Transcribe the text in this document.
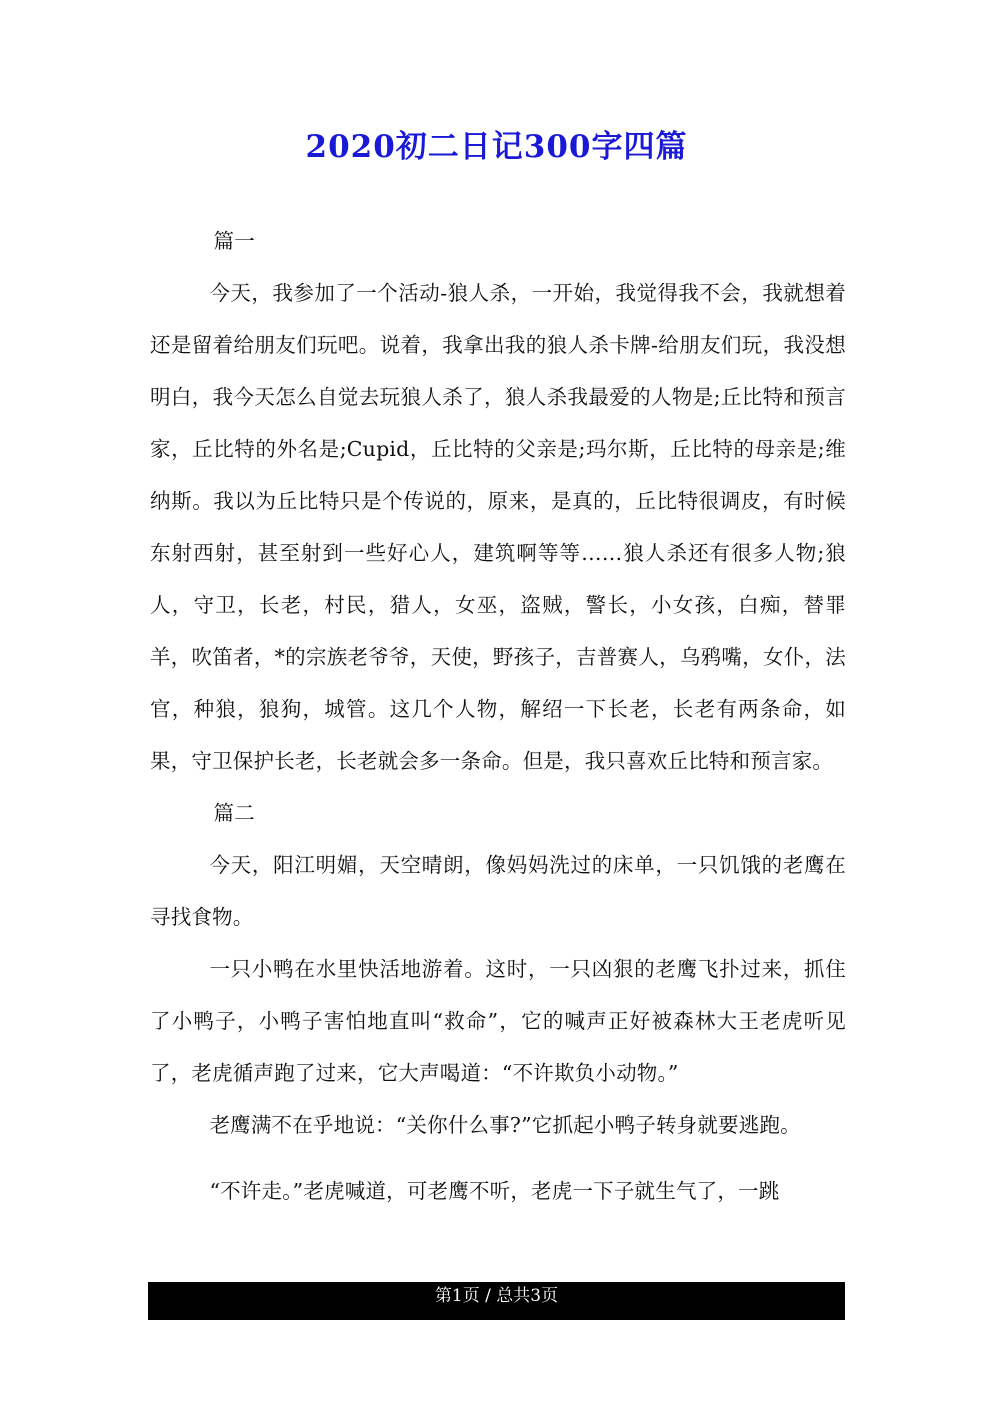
2020初二日记300字四篇

篇一

今天，我参加了一个活动-狼人杀，一开始，我觉得我不会，我就想着还是留着给朋友们玩吧。说着，我拿出我的狼人杀卡牌-给朋友们玩，我没想明白，我今天怎么自觉去玩狼人杀了，狼人杀我最爱的人物是;丘比特和预言家，丘比特的外名是;Cupid，丘比特的父亲是;玛尔斯，丘比特的母亲是;维纳斯。我以为丘比特只是个传说的，原来，是真的，丘比特很调皮，有时候东射西射，甚至射到一些好心人，建筑啊等等……狼人杀还有很多人物;狼人，守卫，长老，村民，猎人，女巫，盗贼，警长，小女孩，白痴，替罪羊，吹笛者，*的宗族老爷爷，天使，野孩子，吉普赛人，乌鸦嘴，女仆，法官，种狼，狼狗，城管。这几个人物，解绍一下长老，长老有两条命，如果，守卫保护长老，长老就会多一条命。但是，我只喜欢丘比特和预言家。

篇二

今天，阳江明媚，天空晴朗，像妈妈洗过的床单，一只饥饿的老鹰在寻找食物。

一只小鸭在水里快活地游着。这时，一只凶狠的老鹰飞扑过来，抓住了小鸭子，小鸭子害怕地直叫“救命”，它的喊声正好被森林大王老虎听见了，老虎循声跑了过来，它大声喝道：“不许欺负小动物。”

老鹰满不在乎地说：“关你什么事?”它抓起小鸭子转身就要逃跑。

“不许走。”老虎喊道，可老鹰不听，老虎一下子就生气了，一跳

第1页 / 总共3页
